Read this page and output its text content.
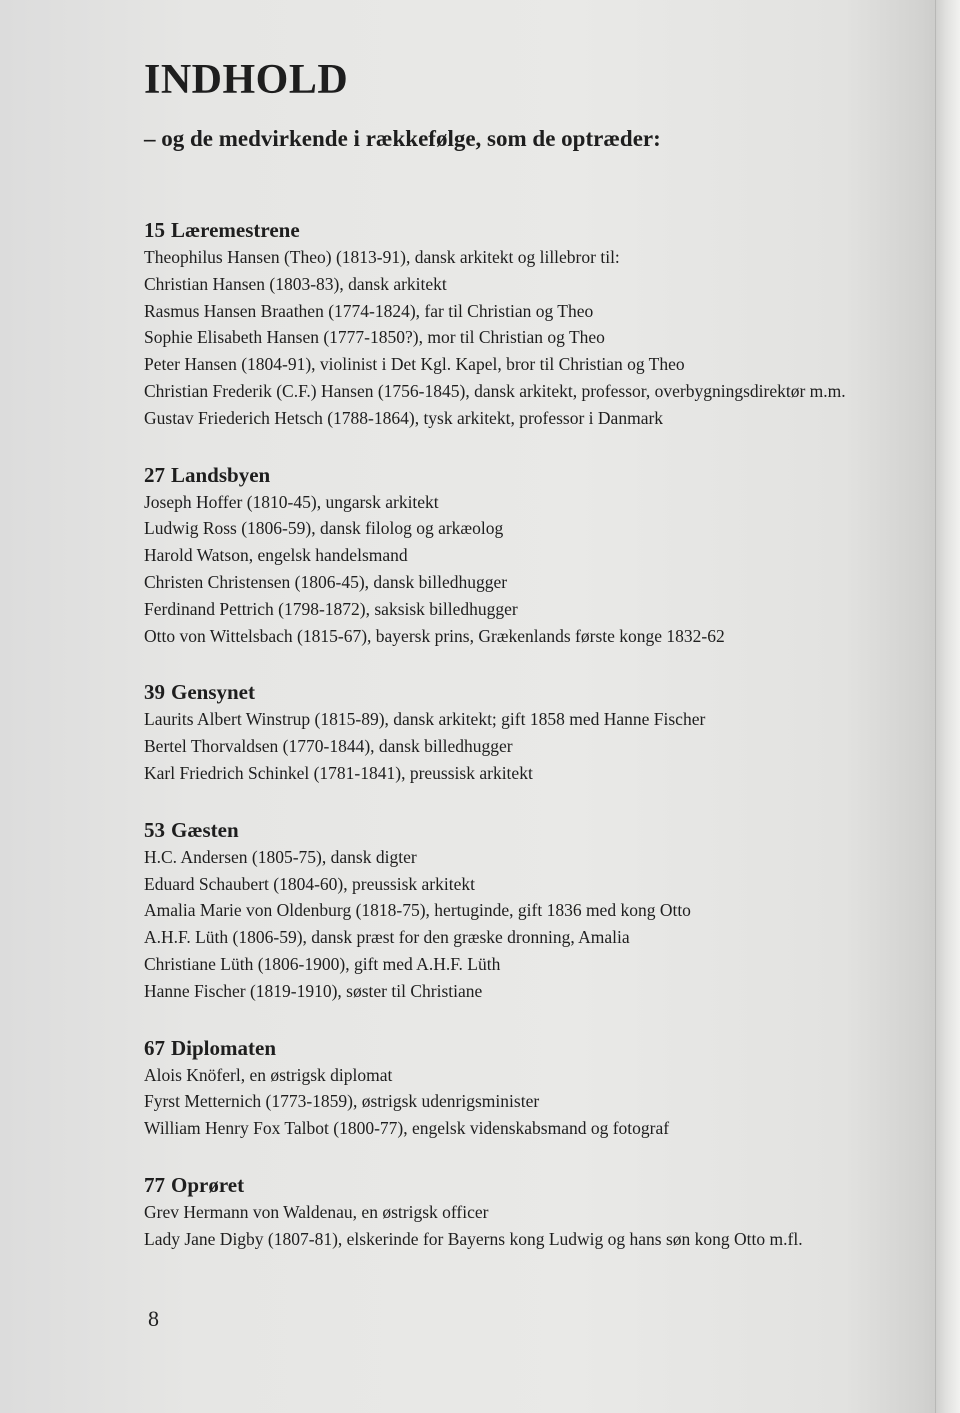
INDHOLD
– og de medvirkende i rækkefølge, som de optræder:
15 Læremestrene

Theophilus Hansen (Theo) (1813-91), dansk arkitekt og lillebror til:

Christian Hansen (1803-83), dansk arkitekt

Rasmus Hansen Braathen (1774-1824), far til Christian og Theo

Sophie Elisabeth Hansen (1777-1850?), mor til Christian og Theo

Peter Hansen (1804-91), violinist i Det Kgl. Kapel, bror til Christian og Theo

Christian Frederik (C.F.) Hansen (1756-1845), dansk arkitekt, professor, overbygningsdirektør m.m.

Gustav Friederich Hetsch (1788-1864), tysk arkitekt, professor i Danmark

27 Landsbyen

Joseph Hoffer (1810-45), ungarsk arkitekt

Ludwig Ross (1806-59), dansk filolog og arkæolog

Harold Watson, engelsk handelsmand

Christen Christensen (1806-45), dansk billedhugger

Ferdinand Pettrich (1798-1872), saksisk billedhugger

Otto von Wittelsbach (1815-67), bayersk prins, Grækenlands første konge 1832-62

39 Gensynet

Laurits Albert Winstrup (1815-89), dansk arkitekt; gift 1858 med Hanne Fischer

Bertel Thorvaldsen (1770-1844), dansk billedhugger

Karl Friedrich Schinkel (1781-1841), preussisk arkitekt

53 Gæsten

H.C. Andersen (1805-75), dansk digter

Eduard Schaubert (1804-60), preussisk arkitekt

Amalia Marie von Oldenburg (1818-75), hertuginde, gift 1836 med kong Otto

A.H.F. Lüth (1806-59), dansk præst for den græske dronning, Amalia

Christiane Lüth (1806-1900), gift med A.H.F. Lüth

Hanne Fischer (1819-1910), søster til Christiane

67 Diplomaten

Alois Knöferl, en østrigsk diplomat

Fyrst Metternich (1773-1859), østrigsk udenrigsminister

William Henry Fox Talbot (1800-77), engelsk videnskabsmand og fotograf

77 Oprøret

Grev Hermann von Waldenau, en østrigsk officer

Lady Jane Digby (1807-81), elskerinde for Bayerns kong Ludwig og hans søn kong Otto m.fl.

8
